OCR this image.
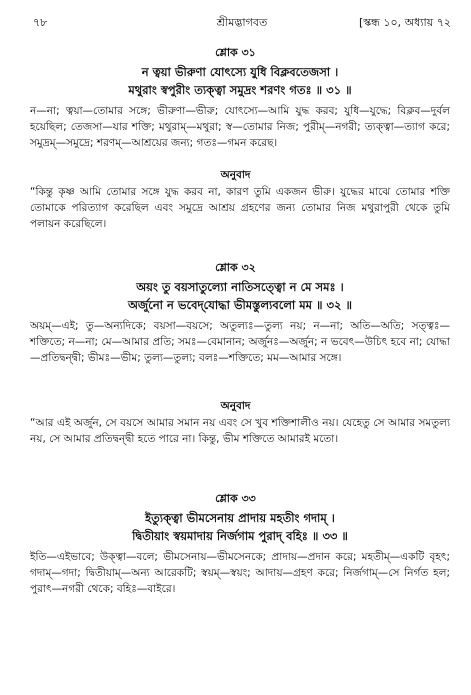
৭৮	শ্রীমদ্ভাগবত	[স্কন্ধ ১০, অধ্যায় ৭২
শ্লোক ৩১
ন ত্বয়া ভীরুণা যোৎস্যে যুধি বিক্লবতেজসা ।
মথুরাং স্বপুরীং ত্যক্ত্বা সমুদ্রং শরণং গতঃ ॥ ৩১ ॥
ন—না; ত্বয়া—তোমার সঙ্গে; ভীরুণা—ভীরু; যোৎস্যে—আমি যুদ্ধ করব; যুধি—যুদ্ধে; বিক্লব—দুর্বল হয়েছিল; তেজসা—যার শক্তি; মথুরাম্—মথুরা; স্ব—তোমার নিজ; পুরীম্—নগরী; ত্যক্ত্বা—ত্যাগ করে; সমুদ্রম্—সমুদ্রে; শরণম্—আশ্রয়ের জন্য; গতঃ—গমন করেছ।
অনুবাদ
“কিন্তু কৃষ্ণ আমি তোমার সঙ্গে যুদ্ধ করব না, কারণ তুমি একজন ভীরু। যুদ্ধের মাঝে তোমার শক্তি তোমাকে পরিত্যাগ করেছিল এবং সমুদ্রে আশ্রয় গ্রহণের জন্য তোমার নিজ মথুরাপুরী থেকে তুমি পলায়ন করেছিলে।
শ্লোক ৩২
অয়ং তু বয়সাতুল্যো নাতিসত্ত্বো ন মে সমঃ ।
অর্জুনো ন ভবেদ্‌যোদ্ধা ভীমস্তুল্যবলো মম ॥ ৩২ ॥
অয়ম্—এই; তু—অন্যদিকে; বয়সা—বয়সে; অতুল্যঃ—তুল্য নয়; ন—না; অতি—অতি; সত্ত্বঃ—শক্তিতে; ন—না; মে—আমার প্রতি; সমঃ—বেমানান; অর্জুনঃ—অর্জুন; ন ভবেৎ—উচিৎ হবে না; যোদ্ধা—প্রতিদ্বন্দ্বী; ভীমঃ—ভীম; তুল্য—তুল্য; বলঃ—শক্তিতে; মম—আমার সঙ্গে।
অনুবাদ
“আর এই অর্জুন, সে বয়সে আমার সমান নয় এবং সে খুব শক্তিশালীও নয়। যেহেতু সে আমার সমতুল্য নয়, সে আমার প্রতিদ্বন্দ্বী হতে পারে না। কিন্তু, ভীম শক্তিতে আমারই মতো।
শ্লোক ৩৩
ইত্যুক্ত্বা ভীমসেনায় প্রাদায় মহতীং গদাম্ ।
দ্বিতীয়াং স্বয়মাদায় নির্জগাম পুরাদ্‌ বহিঃ ॥ ৩৩ ॥
ইতি—এইভাবে; উক্ত্বা—বলে; ভীমসেনায়—ভীমসেনকে; প্রাদায়—প্রদান করে; মহতীম্—একটি বৃহৎ; গদাম্—গদা; দ্বিতীয়াম্—অন্য আরেকটি; স্বয়ম্—স্বয়ং; আদায়—গ্রহণ করে; নির্জগাম্—সে নির্গত হল; পুরাৎ—নগরী থেকে; বহিঃ—বাইরে।
